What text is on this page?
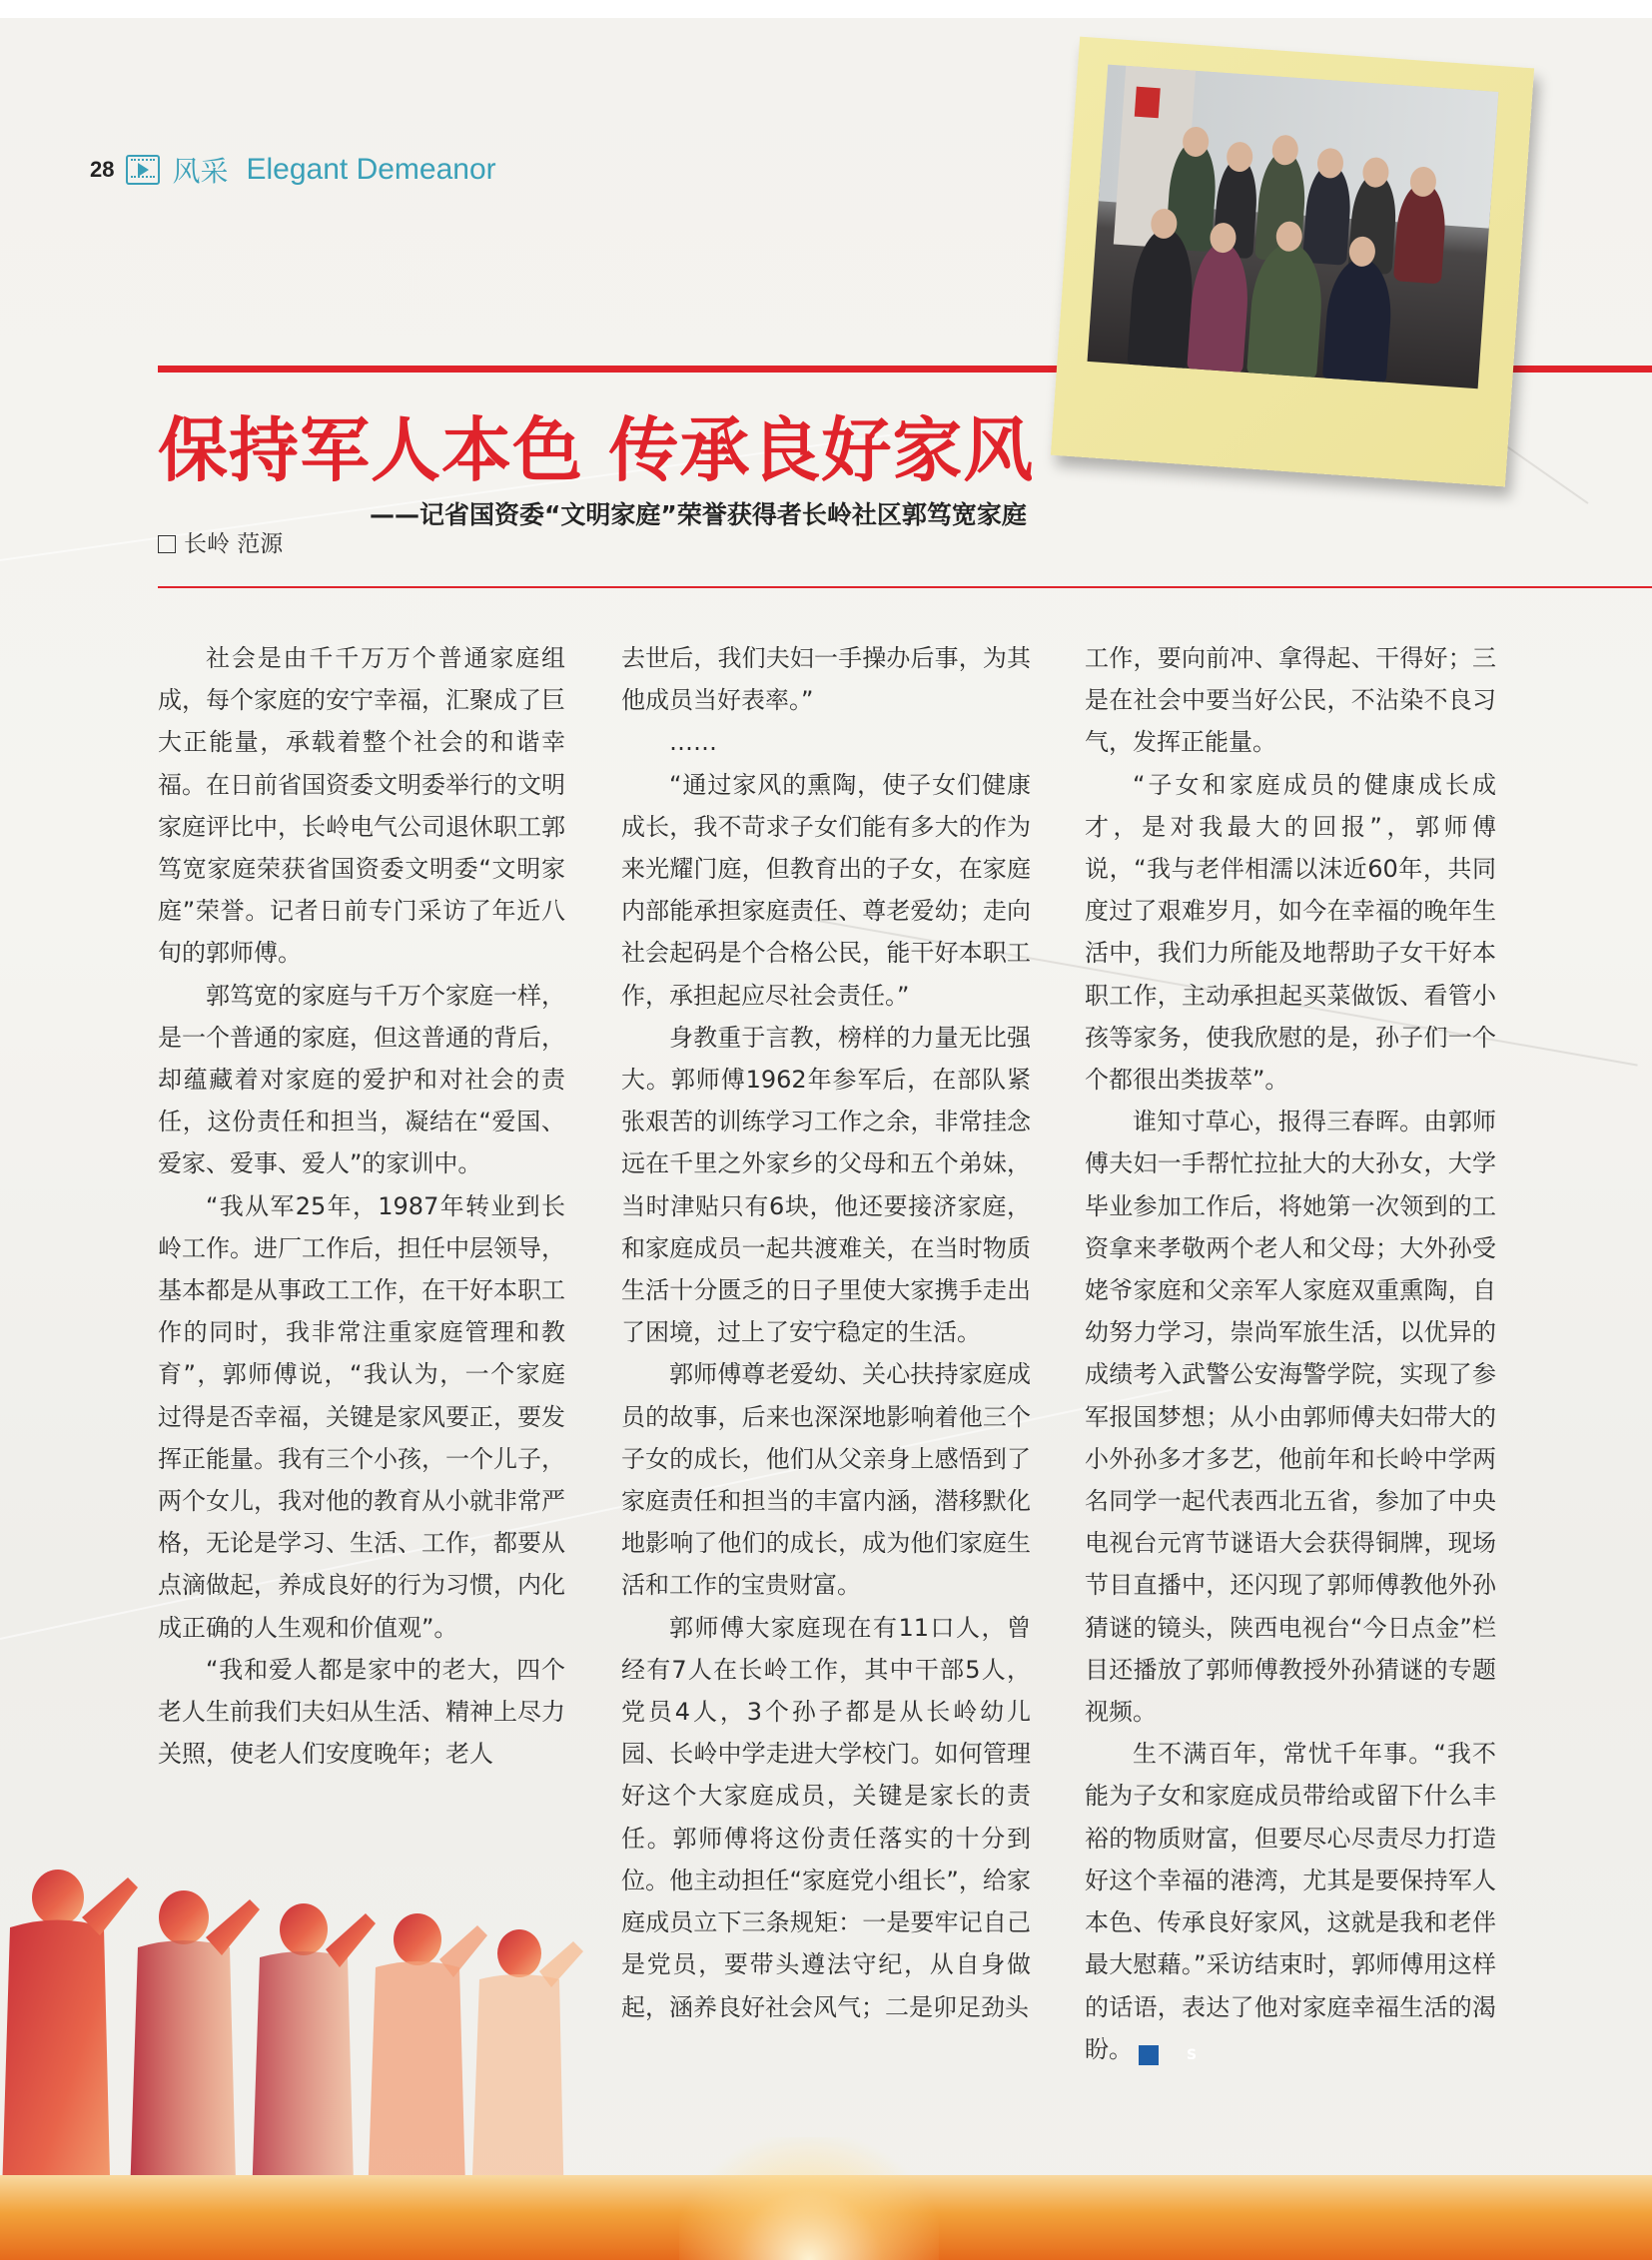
28 风采 Elegant Demeanor
保持军人本色 传承良好家风
——记省国资委“文明家庭”荣誉获得者长岭社区郭笃宽家庭
长岭 范源

社会是由千千万万个普通家庭组成，每个家庭的安宁幸福，汇聚成了巨大正能量，承载着整个社会的和谐幸福。在日前省国资委文明委举行的文明家庭评比中，长岭电气公司退休职工郭笃宽家庭荣获省国资委文明委“文明家庭”荣誉。记者日前专门采访了年近八旬的郭师傅。

郭笃宽的家庭与千万个家庭一样，是一个普通的家庭，但这普通的背后，却蕴藏着对家庭的爱护和对社会的责任，这份责任和担当，凝结在“爱国、爱家、爱事、爱人”的家训中。

“我从军25年，1987年转业到长岭工作。进厂工作后，担任中层领导，基本都是从事政工工作，在干好本职工作的同时，我非常注重家庭管理和教育”，郭师傅说，“我认为，一个家庭过得是否幸福，关键是家风要正，要发挥正能量。我有三个小孩，一个儿子，两个女儿，我对他的教育从小就非常严格，无论是学习、生活、工作，都要从点滴做起，养成良好的行为习惯，内化成正确的人生观和价值观”。

“我和爱人都是家中的老大，四个老人生前我们夫妇从生活、精神上尽力关照，使老人们安度晚年；老人

去世后，我们夫妇一手操办后事，为其他成员当好表率。”

……

“通过家风的熏陶，使子女们健康成长，我不苛求子女们能有多大的作为来光耀门庭，但教育出的子女，在家庭内部能承担家庭责任、尊老爱幼；走向社会起码是个合格公民，能干好本职工作，承担起应尽社会责任。”

身教重于言教，榜样的力量无比强大。郭师傅1962年参军后，在部队紧张艰苦的训练学习工作之余，非常挂念远在千里之外家乡的父母和五个弟妹，当时津贴只有6块，他还要接济家庭，和家庭成员一起共渡难关，在当时物质生活十分匮乏的日子里使大家携手走出了困境，过上了安宁稳定的生活。

郭师傅尊老爱幼、关心扶持家庭成员的故事，后来也深深地影响着他三个子女的成长，他们从父亲身上感悟到了家庭责任和担当的丰富内涵，潜移默化地影响了他们的成长，成为他们家庭生活和工作的宝贵财富。

郭师傅大家庭现在有11口人，曾经有7人在长岭工作，其中干部5人，党员4人，3个孙子都是从长岭幼儿园、长岭中学走进大学校门。如何管理好这个大家庭成员，关键是家长的责任。郭师傅将这份责任落实的十分到位。他主动担任“家庭党小组长”，给家庭成员立下三条规矩：一是要牢记自己是党员，要带头遵法守纪，从自身做起，涵养良好社会风气；二是卯足劲头

工作，要向前冲、拿得起、干得好；三是在社会中要当好公民，不沾染不良习气，发挥正能量。

“子女和家庭成员的健康成长成才，是对我最大的回报”，郭师傅说，“我与老伴相濡以沫近60年，共同度过了艰难岁月，如今在幸福的晚年生活中，我们力所能及地帮助子女干好本职工作，主动承担起买菜做饭、看管小孩等家务，使我欣慰的是，孙子们一个个都很出类拔萃”。

谁知寸草心，报得三春晖。由郭师傅夫妇一手帮忙拉扯大的大孙女，大学毕业参加工作后，将她第一次领到的工资拿来孝敬两个老人和父母；大外孙受姥爷家庭和父亲军人家庭双重熏陶，自幼努力学习，崇尚军旅生活，以优异的成绩考入武警公安海警学院，实现了参军报国梦想；从小由郭师傅夫妇带大的小外孙多才多艺，他前年和长岭中学两名同学一起代表西北五省，参加了中央电视台元宵节谜语大会获得铜牌，现场节目直播中，还闪现了郭师傅教他外孙猜谜的镜头，陕西电视台“今日点金”栏目还播放了郭师傅教授外孙猜谜的专题视频。

生不满百年，常忧千年事。“我不能为子女和家庭成员带给或留下什么丰裕的物质财富，但要尽心尽责尽力打造好这个幸福的港湾，尤其是要保持军人本色、传承良好家风，这就是我和老伴最大慰藉。”采访结束时，郭师傅用这样的话语，表达了他对家庭幸福生活的渴盼。	S
